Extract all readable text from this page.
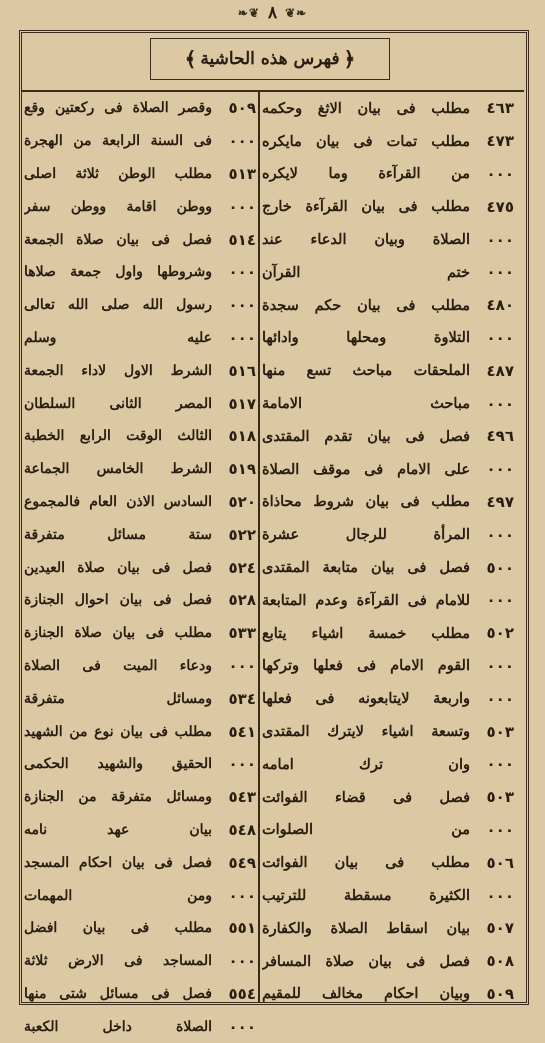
❧❦
٨
❦❧
﴿
فهرس هذه الحاشية
﴾
٤٦٣
مطلب فى بيان الاثغ وحكمه
٤٧٣
مطلب تمات فى بيان مايكره
٠٠٠
من القرآءة وما لايكره
٤٧٥
مطلب فى بيان القرآءة خارج
٠٠٠
الصلاة وبيان الدعاء عند
٠٠٠
ختم القرآن
٤٨٠
مطلب فى بيان حكم سجدة
٠٠٠
التلاوة ومحلها وادائها
٤٨٧
الملحقات مباحث تسع منها
٠٠٠
مباحث الامامة
٤٩٦
فصل فى بيان تقدم المقتدى
٠٠٠
على الامام فى موقف الصلاة
٤٩٧
مطلب فى بيان شروط محاذاة
٠٠٠
المرأة للرجال عشرة
٥٠٠
فصل فى بيان متابعة المقتدى
٠٠٠
للامام فى القرآءة وعدم المتابعة
٥٠٢
مطلب خمسة اشياء يتابع
٠٠٠
القوم الامام فى فعلها وتركها
٠٠٠
واربعة لايتابعونه فى فعلها
٥٠٣
وتسعة اشياء لايترك المقتدى
٠٠٠
وان ترك امامه
٥٠٣
فصل فى قضاء الفوائت
٠٠٠
من الصلوات
٥٠٦
مطلب فى بيان الفوائت
٠٠٠
الكثيرة مسقطة للترتيب
٥٠٧
بيان اسقاط الصلاة والكفارة
٥٠٨
فصل فى بيان صلاة المسافر
٥٠٩
وبيان احكام مخالف للمقيم
٥٠٩
وقصر الصلاة فى ركعتين وقع
٠٠٠
فى السنة الرابعة من الهجرة
٥١٣
مطلب الوطن ثلاثة اصلى
٠٠٠
ووطن اقامة ووطن سفر
٥١٤
فصل فى بيان صلاة الجمعة
٠٠٠
وشروطها واول جمعة صلاها
٠٠٠
رسول الله صلى الله تعالى
٠٠٠
عليه وسلم
٥١٦
الشرط الاول لاداء الجمعة
٥١٧
المصر الثانى السلطان
٥١٨
الثالث الوقت الرابع الخطبة
٥١٩
الشرط الخامس الجماعة
٥٢٠
السادس الاذن العام فالمجموع
٥٢٢
ستة مسائل متفرقة
٥٢٤
فصل فى بيان صلاة العيدين
٥٢٨
فصل فى بيان احوال الجنازة
٥٣٣
مطلب فى بيان صلاة الجنازة
٠٠٠
ودعاء الميت فى الصلاة
٥٣٤
ومسائل متفرقة
٥٤١
مطلب فى بيان نوع من الشهيد
٠٠٠
الحقيق والشهيد الحكمى
٥٤٣
ومسائل متفرقة من الجنازة
٥٤٨
بيان عهد نامه
٥٤٩
فصل فى بيان احكام المسجد
٠٠٠
ومن المهمات
٥٥١
مطلب فى بيان افضل
٠٠٠
المساجد فى الارض ثلاثة
٥٥٤
فصل فى مسائل شتى منها
٠٠٠
الصلاة داخل الكعبة
